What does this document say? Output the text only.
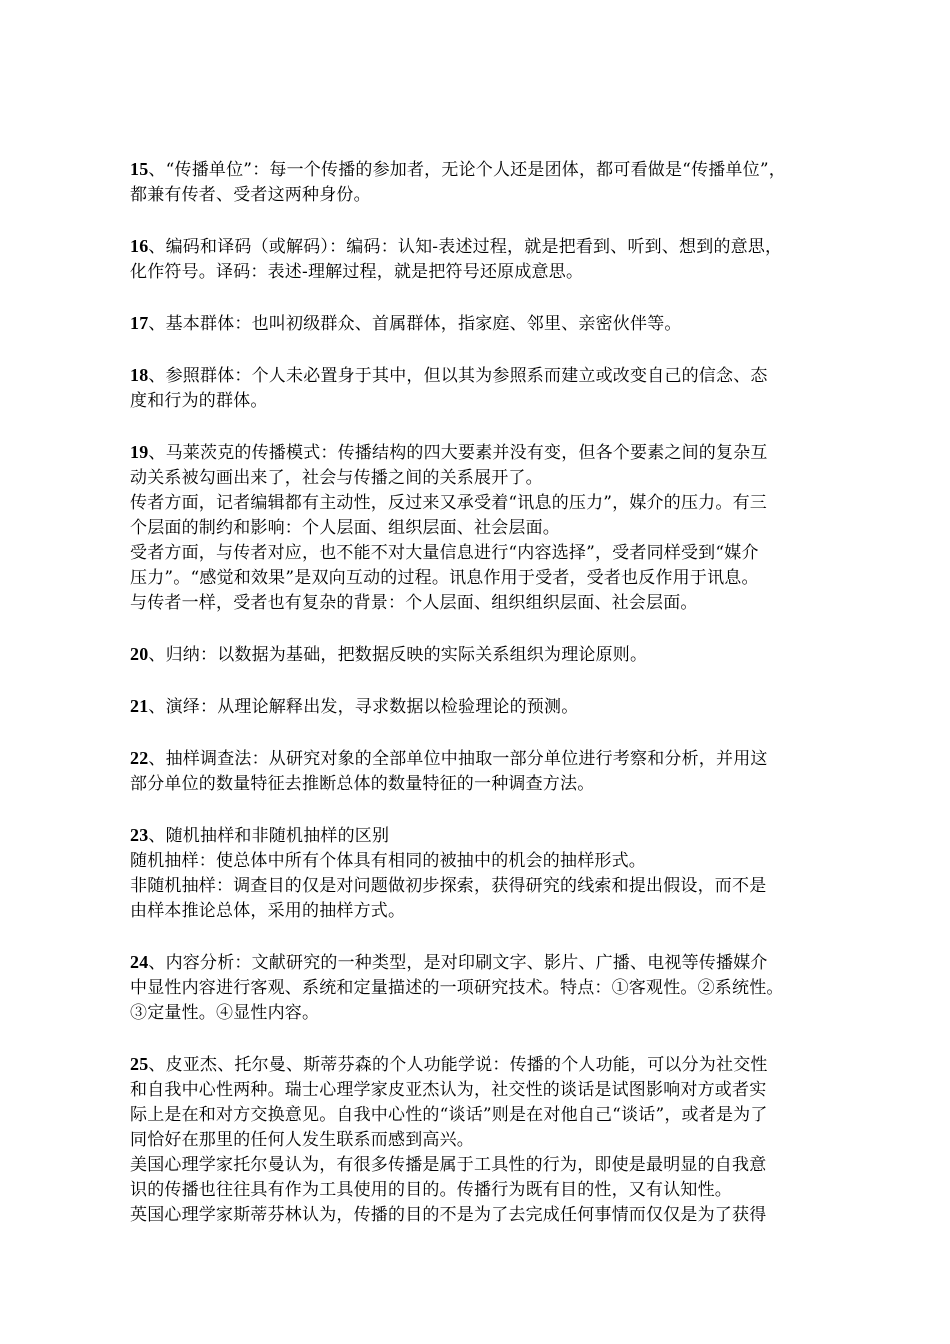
15、“传播单位”：每一个传播的参加者，无论个人还是团体，都可看做是“传播单位”，
都兼有传者、受者这两种身份。
16、编码和译码（或解码）：编码：认知-表述过程，就是把看到、听到、想到的意思，
化作符号。译码：表述-理解过程，就是把符号还原成意思。
17、基本群体：也叫初级群众、首属群体，指家庭、邻里、亲密伙伴等。
18、参照群体：个人未必置身于其中，但以其为参照系而建立或改变自己的信念、态
度和行为的群体。
19、马莱茨克的传播模式：传播结构的四大要素并没有变，但各个要素之间的复杂互
动关系被勾画出来了，社会与传播之间的关系展开了。
传者方面，记者编辑都有主动性，反过来又承受着“讯息的压力”，媒介的压力。有三
个层面的制约和影响：个人层面、组织层面、社会层面。
受者方面，与传者对应，也不能不对大量信息进行“内容选择”，受者同样受到“媒介
压力”。“感觉和效果”是双向互动的过程。讯息作用于受者，受者也反作用于讯息。
与传者一样，受者也有复杂的背景：个人层面、组织组织层面、社会层面。
20、归纳：以数据为基础，把数据反映的实际关系组织为理论原则。
21、演绎：从理论解释出发，寻求数据以检验理论的预测。
22、抽样调查法：从研究对象的全部单位中抽取一部分单位进行考察和分析，并用这
部分单位的数量特征去推断总体的数量特征的一种调查方法。
23、随机抽样和非随机抽样的区别
随机抽样：使总体中所有个体具有相同的被抽中的机会的抽样形式。
非随机抽样：调查目的仅是对问题做初步探索，获得研究的线索和提出假设，而不是
由样本推论总体，采用的抽样方式。
24、内容分析：文献研究的一种类型，是对印刷文字、影片、广播、电视等传播媒介
中显性内容进行客观、系统和定量描述的一项研究技术。特点：①客观性。②系统性。
③定量性。④显性内容。
25、皮亚杰、托尔曼、斯蒂芬森的个人功能学说：传播的个人功能，可以分为社交性
和自我中心性两种。瑞士心理学家皮亚杰认为，社交性的谈话是试图影响对方或者实
际上是在和对方交换意见。自我中心性的“谈话”则是在对他自己“谈话”，或者是为了
同恰好在那里的任何人发生联系而感到高兴。
美国心理学家托尔曼认为，有很多传播是属于工具性的行为，即使是最明显的自我意
识的传播也往往具有作为工具使用的目的。传播行为既有目的性，又有认知性。
英国心理学家斯蒂芬林认为，传播的目的不是为了去完成任何事情而仅仅是为了获得
